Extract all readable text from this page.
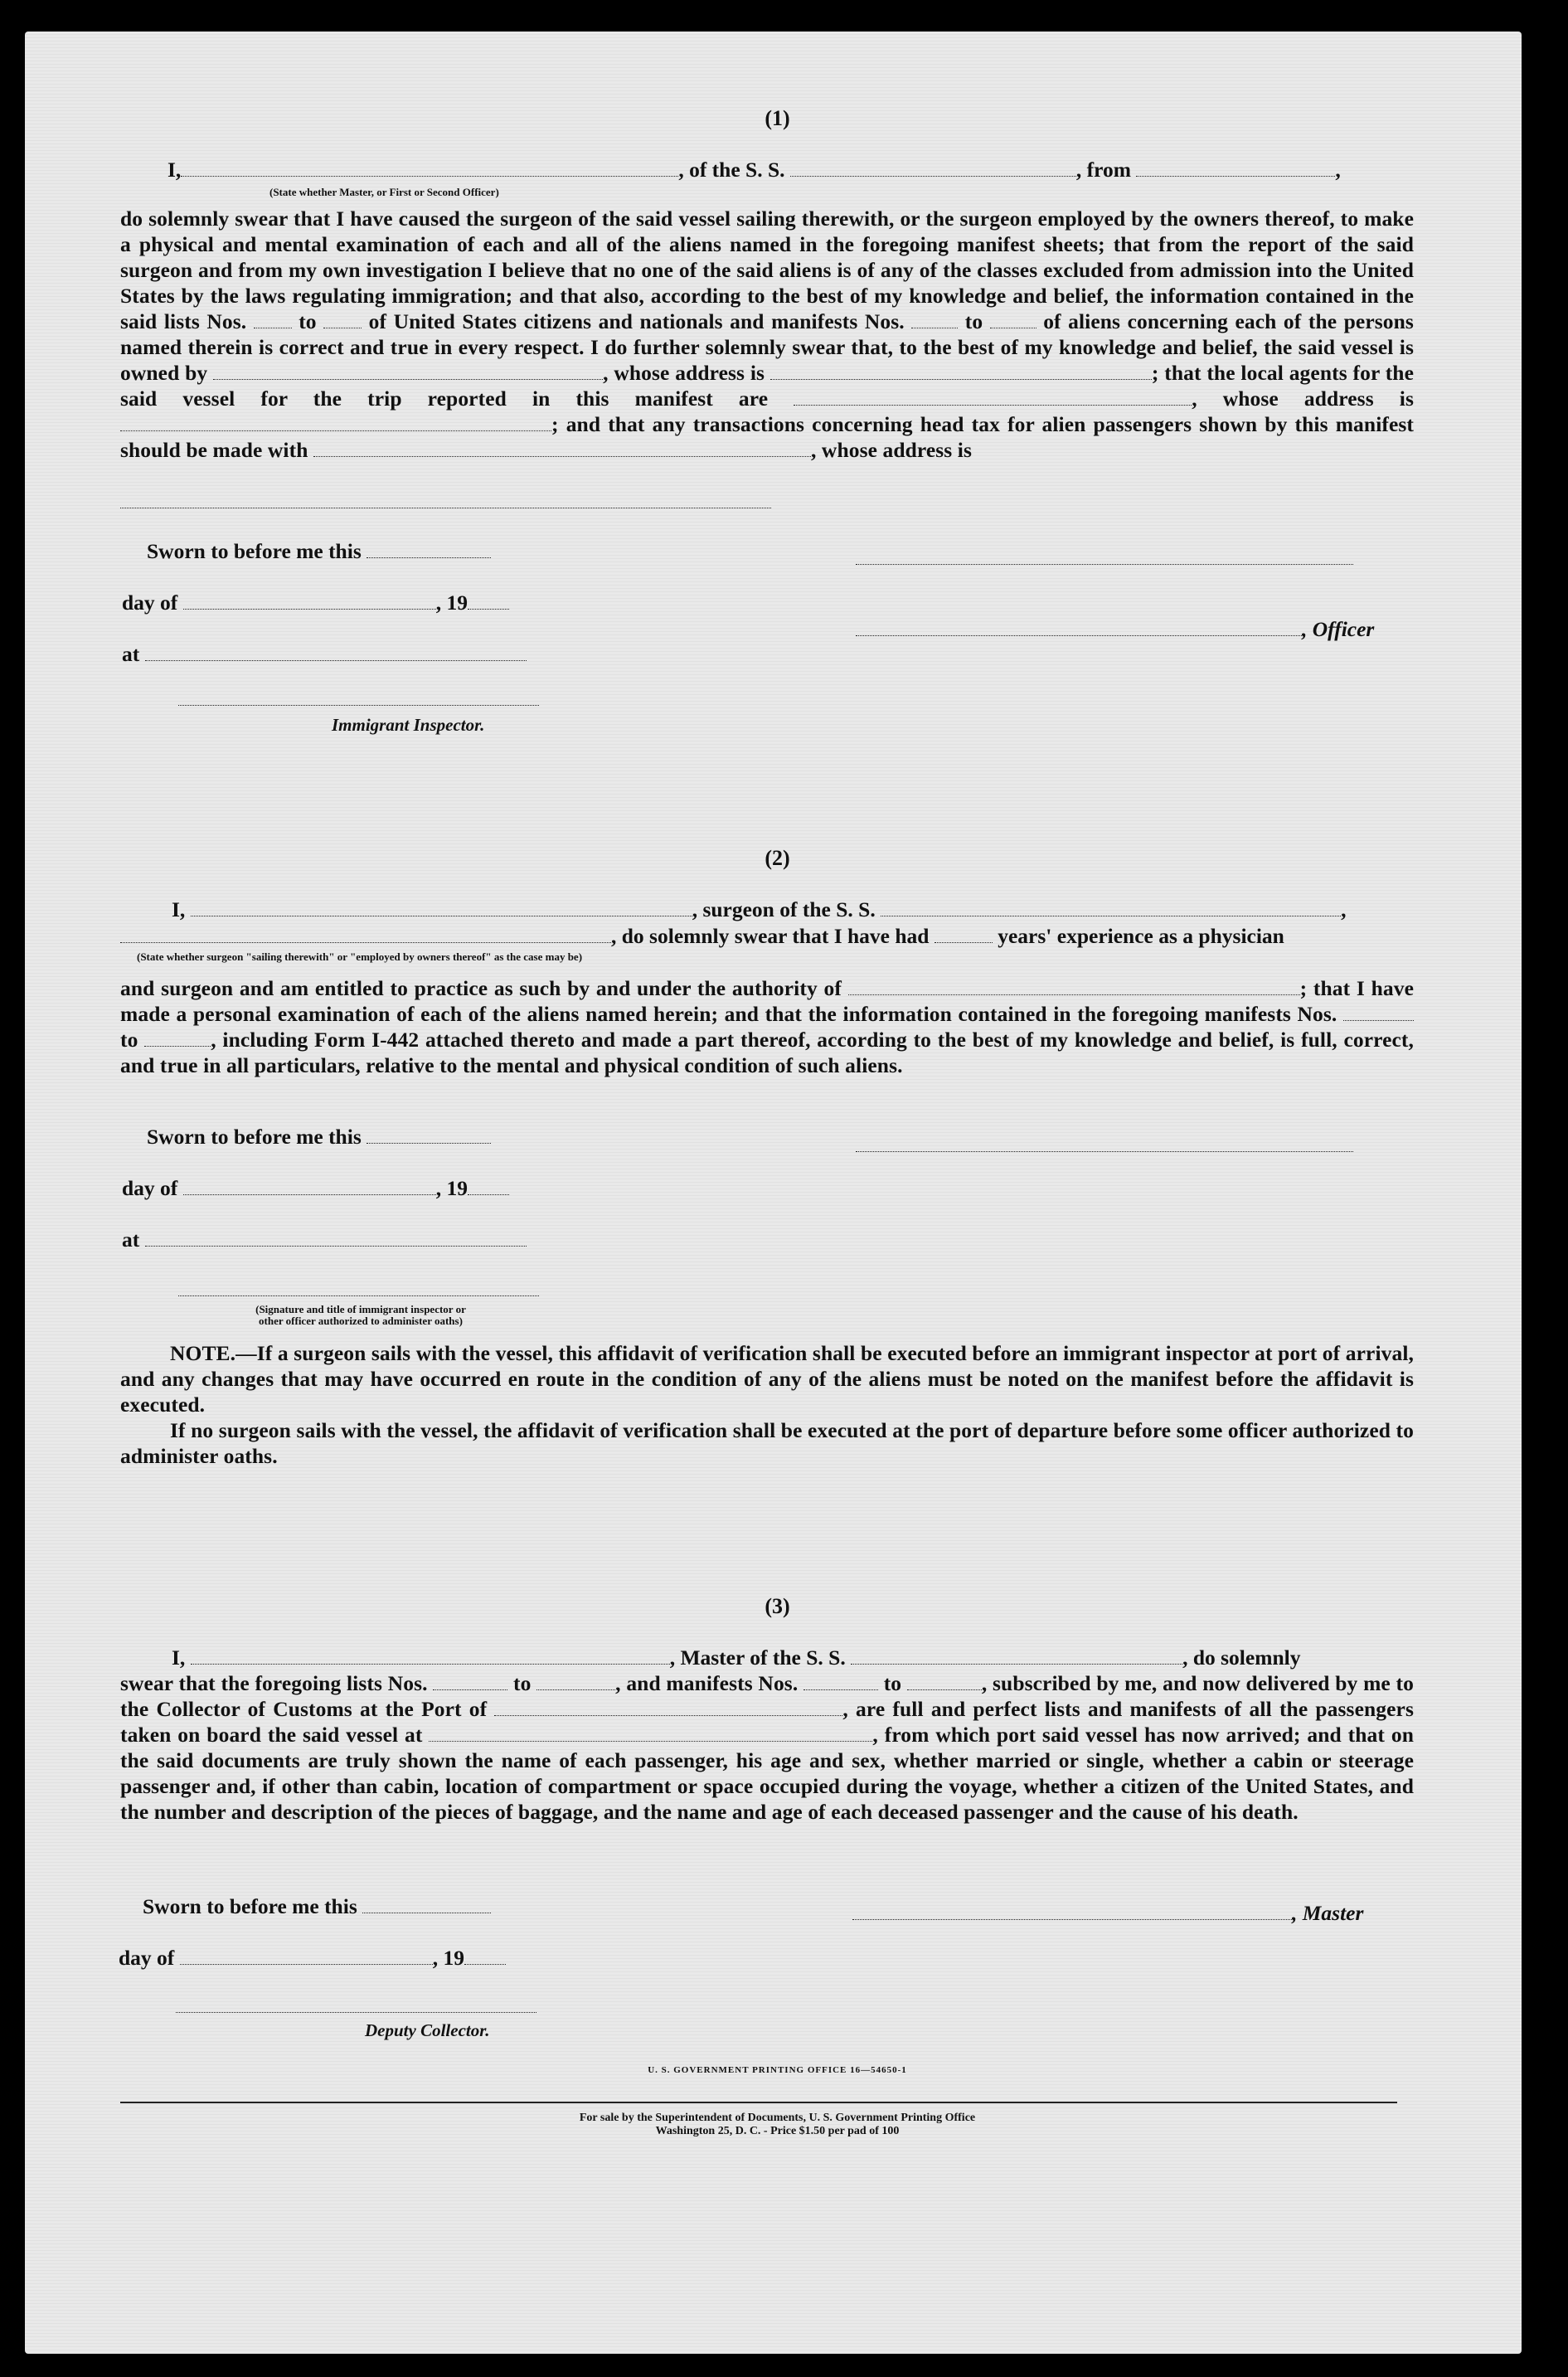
(1)
I,	, of the S. S.	, from	,
(State whether Master, or First or Second Officer)

do solemnly swear that I have caused the surgeon of the said vessel sailing therewith, or the surgeon employed by the owners thereof, to make a physical and mental examination of each and all of the aliens named in the foregoing manifest sheets; that from the report of the said surgeon and from my own investigation I believe that no one of the said aliens is of any of the classes excluded from admission into the United States by the laws regulating immigration; and that also, according to the best of my knowledge and belief, the information contained in the said lists Nos. to of United States citizens and nationals and manifests Nos.	to	of aliens concerning each of the persons named therein is correct and true in every respect. I do further solemnly swear that, to the best of my knowledge and belief, the said vessel is owned by	, whose address is	; that the local agents for the said vessel for the trip reported in this manifest are	, whose address is ; and that any transactions concerning head tax for alien passengers shown by this manifest should be made with	, whose address is

Sworn to before me this
day of	, 19
, Officer
at
Immigrant Inspector.
(2)
I,	, surgeon of the S. S.	,
, do solemnly swear that I have had	years' experience as a physician
(State whether surgeon "sailing therewith" or "employed by owners thereof" as the case may be)

and surgeon and am entitled to practice as such by and under the authority of	; that I have made a personal examination of each of the aliens named herein; and that the information contained in the foregoing manifests Nos.  to	, including Form I-442 attached thereto and made a part thereof, according to the best of my knowledge and belief, is full, correct, and true in all particulars, relative to the mental and physical condition of such aliens.

Sworn to before me this
day of	, 19
at
(Signature and title of immigrant inspector or
other officer authorized to administer oaths)

NOTE.—If a surgeon sails with the vessel, this affidavit of verification shall be executed before an immigrant inspector at port of arrival, and any changes that may have occurred en route in the condition of any of the aliens must be noted on the manifest before the affidavit is executed.

If no surgeon sails with the vessel, the affidavit of verification shall be executed at the port of departure before some officer authorized to administer oaths.

(3)
I,	, Master of the S. S.	, do solemnly

swear that the foregoing lists Nos.	to	, and manifests Nos.	to	, subscribed by me, and now delivered by me to the Collector of Customs at the Port of	, are full and perfect lists and manifests of all the passengers taken on board the said vessel at	, from which port said vessel has now arrived; and that on the said documents are truly shown the name of each passenger, his age and sex, whether married or single, whether a cabin or steerage passenger and, if other than cabin, location of compartment or space occupied during the voyage, whether a citizen of the United States, and the number and description of the pieces of baggage, and the name and age of each deceased passenger and the cause of his death.

Sworn to before me this	, Master
day of	, 19
Deputy Collector.
U. S. GOVERNMENT PRINTING OFFICE 16—54650-1
For sale by the Superintendent of Documents, U. S. Government Printing Office
Washington 25, D. C. - Price $1.50 per pad of 100
